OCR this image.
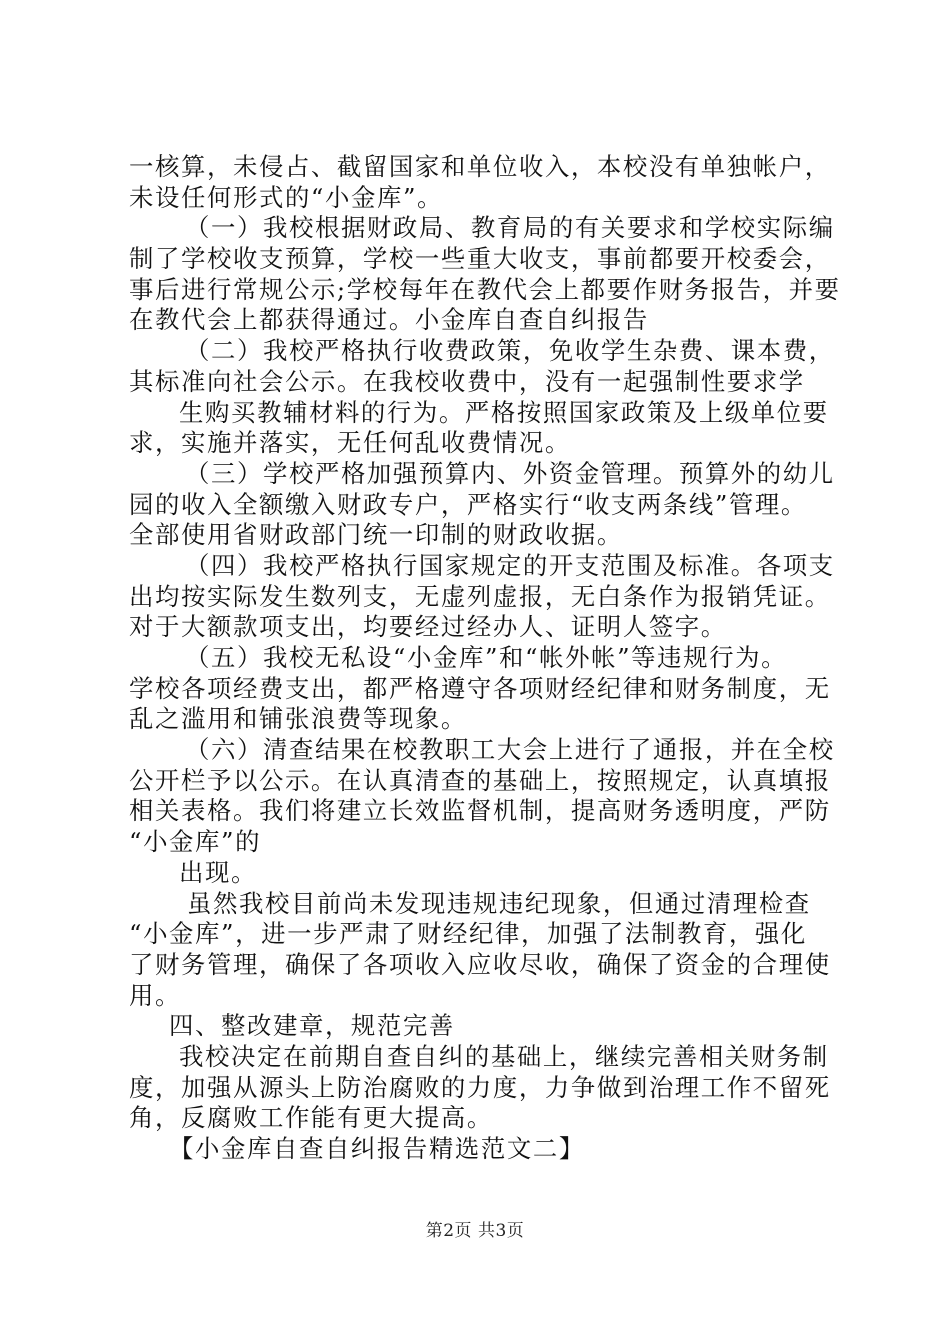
一核算，未侵占、截留国家和单位收入，本校没有单独帐户，
未设任何形式的“小金库”。
（一）我校根据财政局、教育局的有关要求和学校实际编
制了学校收支预算，学校一些重大收支，事前都要开校委会，
事后进行常规公示;学校每年在教代会上都要作财务报告，并要
在教代会上都获得通过。小金库自查自纠报告
（二）我校严格执行收费政策，免收学生杂费、课本费，
其标准向社会公示。在我校收费中，没有一起强制性要求学
生购买教辅材料的行为。严格按照国家政策及上级单位要
求，实施并落实，无任何乱收费情况。
（三）学校严格加强预算内、外资金管理。预算外的幼儿
园的收入全额缴入财政专户，严格实行“收支两条线”管理。
全部使用省财政部门统一印制的财政收据。
（四）我校严格执行国家规定的开支范围及标准。各项支
出均按实际发生数列支，无虚列虚报，无白条作为报销凭证。
对于大额款项支出，均要经过经办人、证明人签字。
（五）我校无私设“小金库”和“帐外帐”等违规行为。
学校各项经费支出，都严格遵守各项财经纪律和财务制度，无
乱之滥用和铺张浪费等现象。
（六）清查结果在校教职工大会上进行了通报，并在全校
公开栏予以公示。在认真清查的基础上，按照规定，认真填报
相关表格。我们将建立长效监督机制，提高财务透明度，严防
“小金库”的
出现。
虽然我校目前尚未发现违规违纪现象，但通过清理检查
“小金库”，进一步严肃了财经纪律，加强了法制教育，强化
了财务管理，确保了各项收入应收尽收，确保了资金的合理使
用。
四、整改建章，规范完善
我校决定在前期自查自纠的基础上，继续完善相关财务制
度，加强从源头上防治腐败的力度，力争做到治理工作不留死
角，反腐败工作能有更大提高。
【小金库自查自纠报告精选范文二】
第2页 共3页
